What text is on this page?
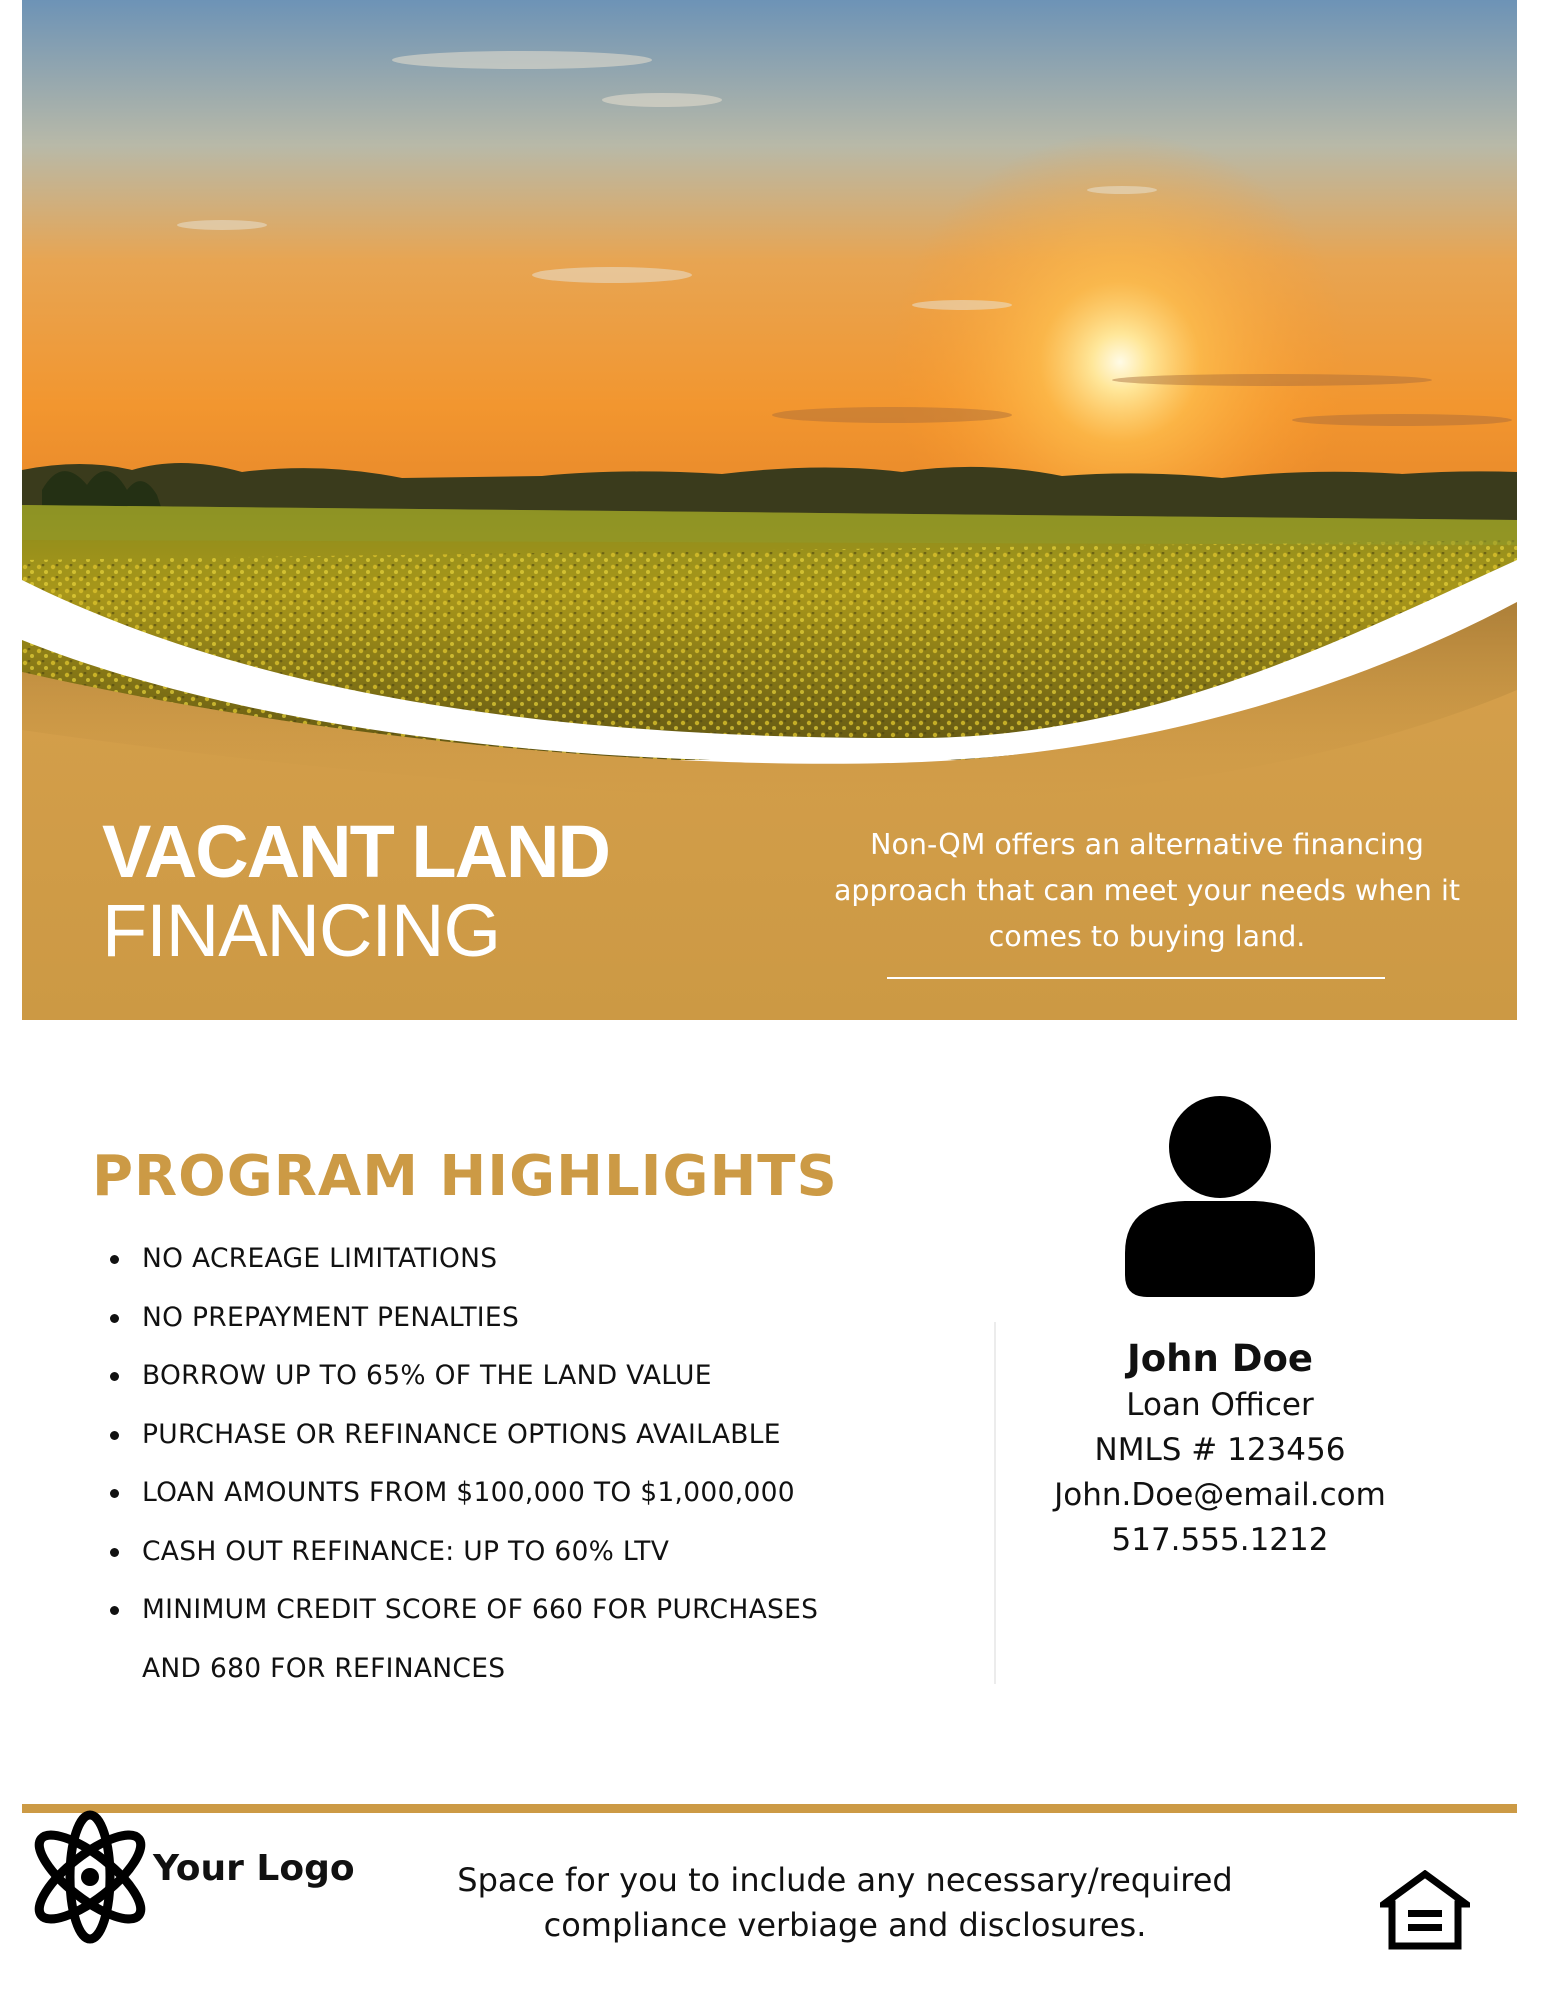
VACANT LAND
FINANCING
Non-QM offers an alternative financing
approach that can meet your needs when it
comes to buying land.
PROGRAM HIGHLIGHTS
NO ACREAGE LIMITATIONS
NO PREPAYMENT PENALTIES
BORROW UP TO 65% OF THE LAND VALUE
PURCHASE OR REFINANCE OPTIONS AVAILABLE
LOAN AMOUNTS FROM $100,000 TO $1,000,000
CASH OUT REFINANCE: UP TO 60% LTV
MINIMUM CREDIT SCORE OF 660 FOR PURCHASES
AND 680 FOR REFINANCES
John Doe
Loan Officer
NMLS # 123456
John.Doe@email.com
517.555.1212
Your Logo	Space for you to include any necessary/required
compliance verbiage and disclosures.
